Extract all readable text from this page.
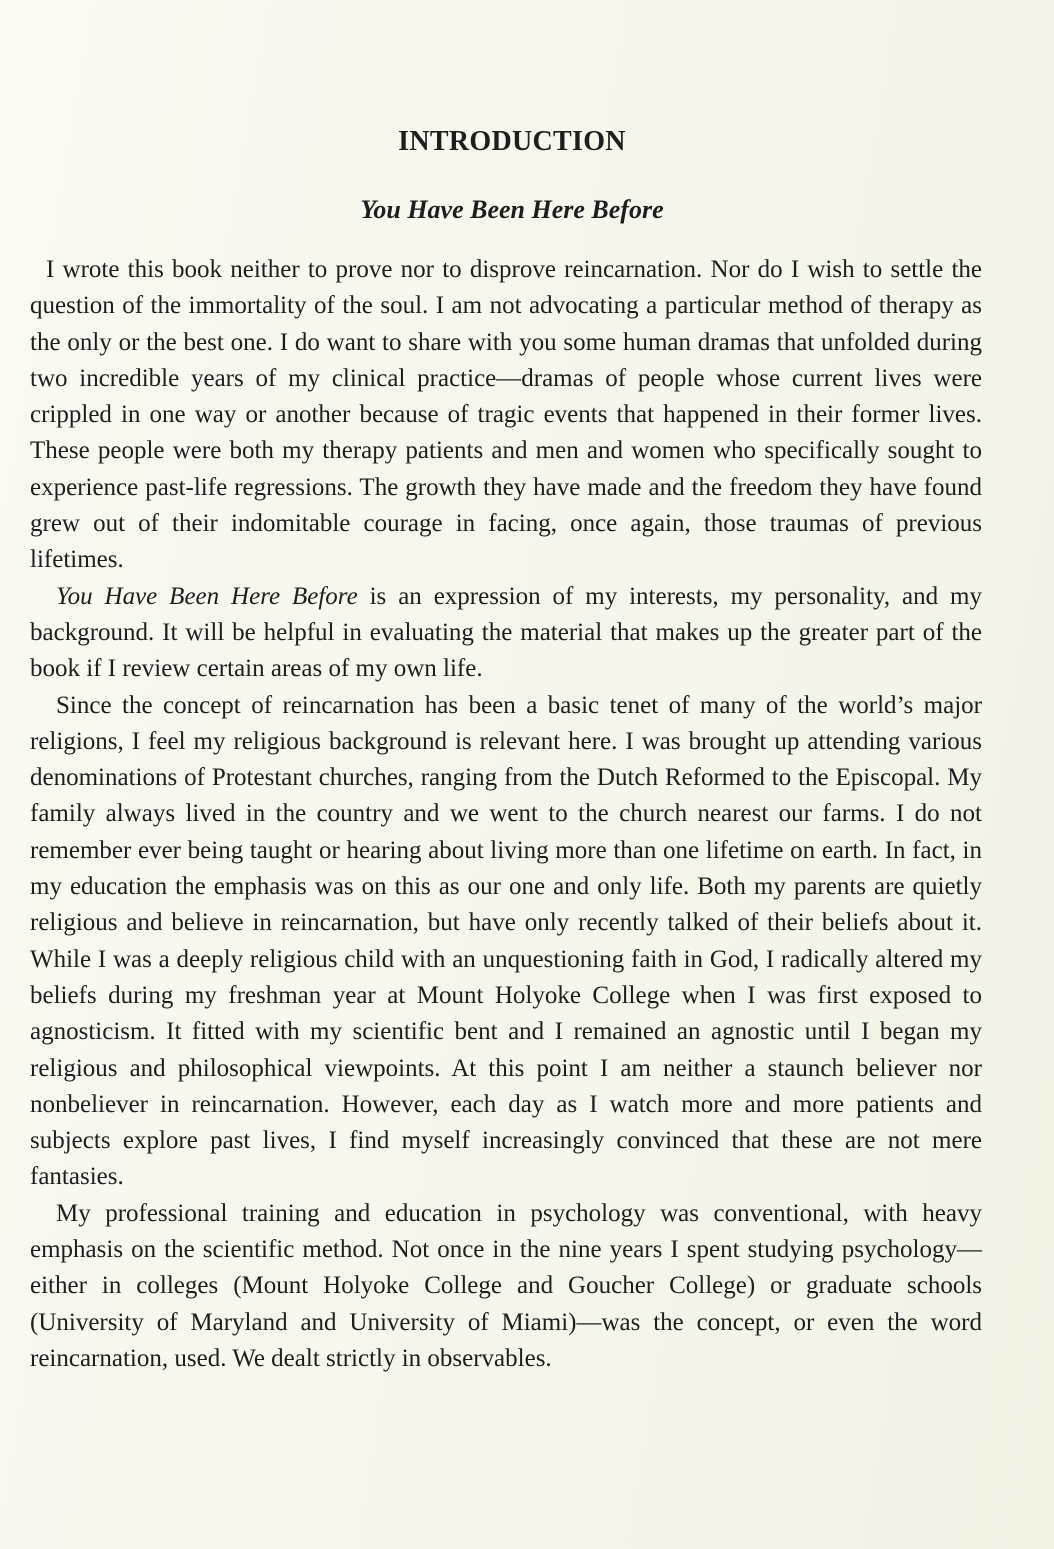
INTRODUCTION
You Have Been Here Before

I wrote this book neither to prove nor to disprove reincarnation. Nor do I wish to settle the question of the immortality of the soul. I am not advocating a particular method of therapy as the only or the best one. I do want to share with you some human dramas that unfolded during two incredible years of my clinical practice—dramas of people whose current lives were crippled in one way or another because of tragic events that happened in their former lives. These people were both my therapy patients and men and women who specifically sought to experience past-life regressions. The growth they have made and the freedom they have found grew out of their indomitable courage in facing, once again, those traumas of previous lifetimes.

You Have Been Here Before is an expression of my interests, my personality, and my background. It will be helpful in evaluating the material that makes up the greater part of the book if I review certain areas of my own life.

Since the concept of reincarnation has been a basic tenet of many of the world’s major religions, I feel my religious background is relevant here. I was brought up attending various denominations of Protestant churches, ranging from the Dutch Reformed to the Episcopal. My family always lived in the country and we went to the church nearest our farms. I do not remember ever being taught or hearing about living more than one lifetime on earth. In fact, in my education the emphasis was on this as our one and only life. Both my parents are quietly religious and believe in reincarnation, but have only recently talked of their beliefs about it. While I was a deeply religious child with an unquestioning faith in God, I radically altered my beliefs during my freshman year at Mount Holyoke College when I was first exposed to agnosticism. It fitted with my scientific bent and I remained an agnostic until I began my religious and philosophical viewpoints. At this point I am neither a staunch believer nor nonbeliever in reincarnation. However, each day as I watch more and more patients and subjects explore past lives, I find myself increasingly convinced that these are not mere fantasies.

My professional training and education in psychology was conventional, with heavy emphasis on the scientific method. Not once in the nine years I spent studying psychology—either in colleges (Mount Holyoke College and Goucher College) or graduate schools (University of Maryland and University of Miami)—was the concept, or even the word reincarnation, used. We dealt strictly in observables.
